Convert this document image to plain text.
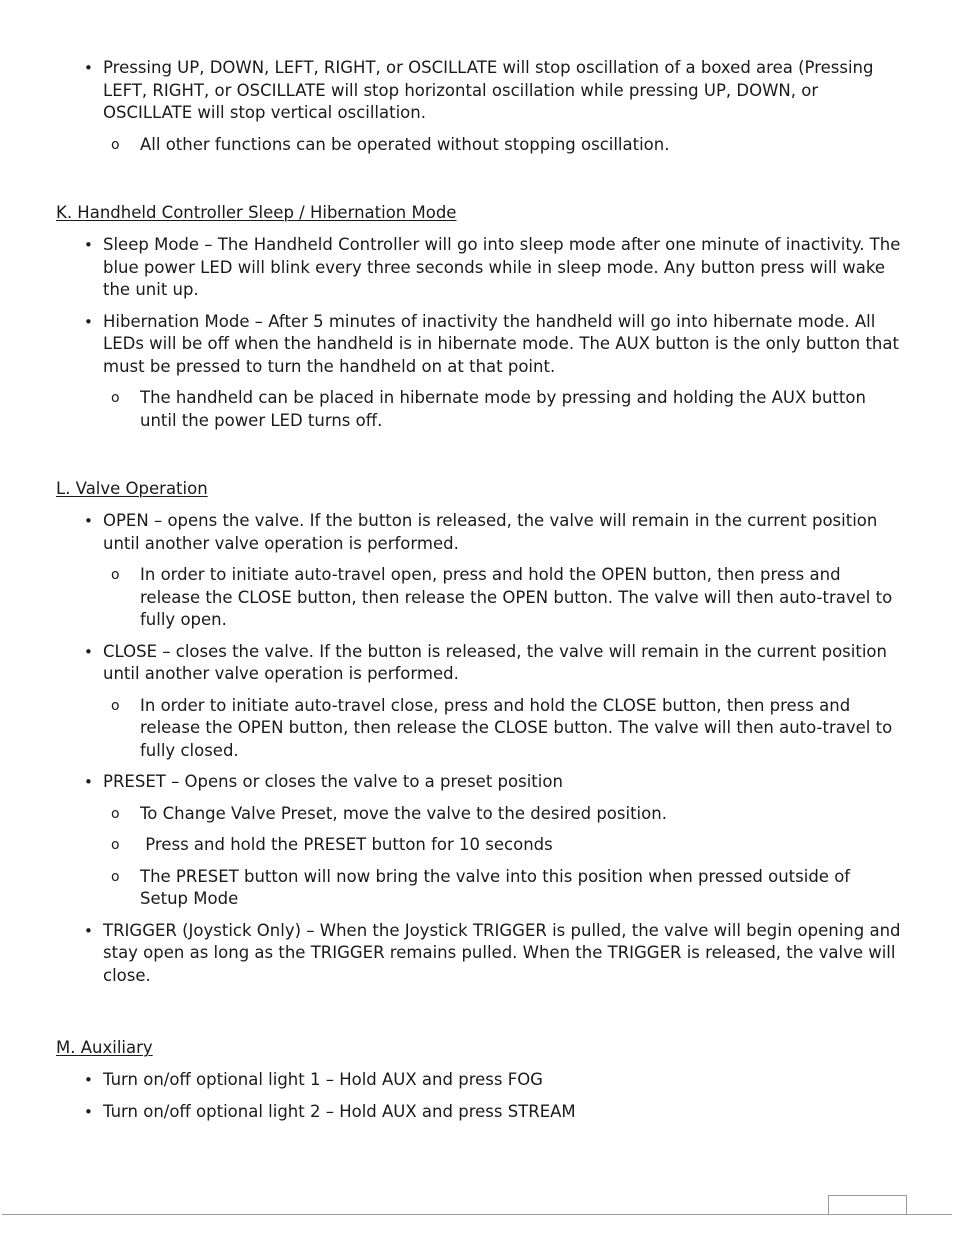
• Pressing UP, DOWN, LEFT, RIGHT, or OSCILLATE will stop oscillation of a boxed area (Pressing LEFT, RIGHT, or OSCILLATE will stop horizontal oscillation while pressing UP, DOWN, or OSCILLATE will stop vertical oscillation.
o All other functions can be operated without stopping oscillation.
K. Handheld Controller Sleep / Hibernation Mode
• Sleep Mode – The Handheld Controller will go into sleep mode after one minute of inactivity. The blue power LED will blink every three seconds while in sleep mode. Any button press will wake the unit up.
• Hibernation Mode – After 5 minutes of inactivity the handheld will go into hibernate mode. All LEDs will be off when the handheld is in hibernate mode. The AUX button is the only button that must be pressed to turn the handheld on at that point.
o The handheld can be placed in hibernate mode by pressing and holding the AUX button until the power LED turns off.
L. Valve Operation
• OPEN – opens the valve. If the button is released, the valve will remain in the current position until another valve operation is performed.
o In order to initiate auto-travel open, press and hold the OPEN button, then press and release the CLOSE button, then release the OPEN button. The valve will then auto-travel to fully open.
• CLOSE – closes the valve. If the button is released, the valve will remain in the current position until another valve operation is performed.
o In order to initiate auto-travel close, press and hold the CLOSE button, then press and release the OPEN button, then release the CLOSE button. The valve will then auto-travel to fully closed.
• PRESET – Opens or closes the valve to a preset position
o To Change Valve Preset, move the valve to the desired position.
o Press and hold the PRESET button for 10 seconds
o The PRESET button will now bring the valve into this position when pressed outside of Setup Mode
• TRIGGER (Joystick Only) – When the Joystick TRIGGER is pulled, the valve will begin opening and stay open as long as the TRIGGER remains pulled. When the TRIGGER is released, the valve will close.
M. Auxiliary
• Turn on/off optional light 1 – Hold AUX and press FOG
• Turn on/off optional light 2 – Hold AUX and press STREAM
